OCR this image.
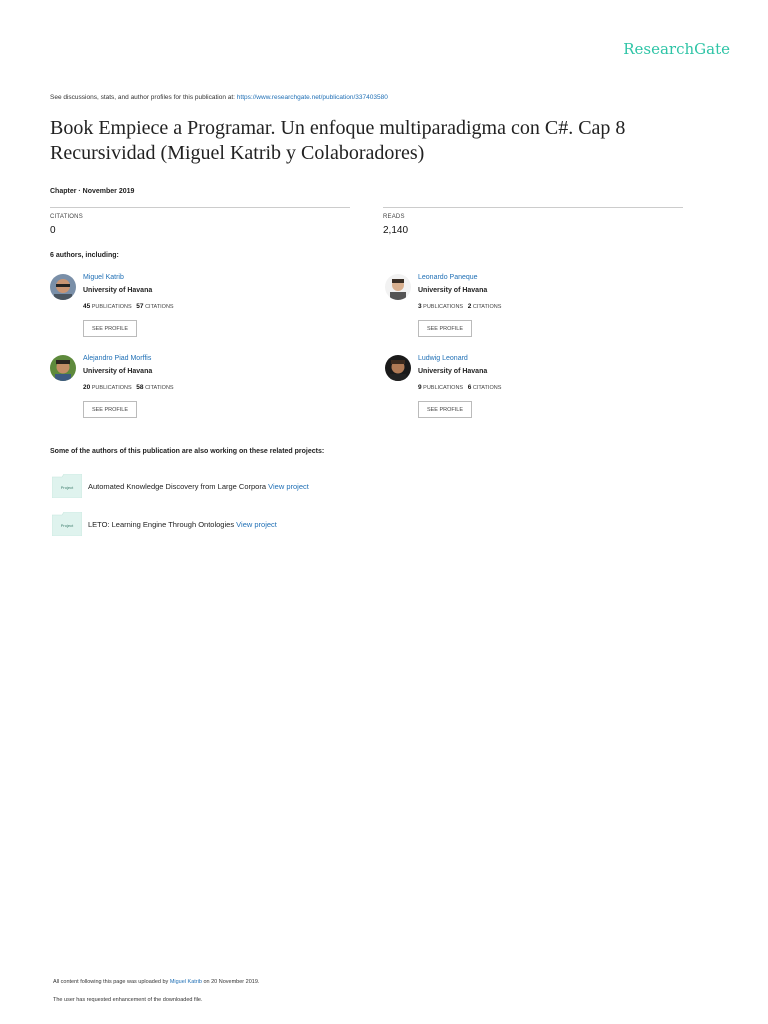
ResearchGate
See discussions, stats, and author profiles for this publication at: https://www.researchgate.net/publication/337403580
Book Empiece a Programar. Un enfoque multiparadigma con C#. Cap 8
Recursividad (Miguel Katrib y Colaboradores)
Chapter · November 2019
CITATIONS
0
READS
2,140
6 authors, including:
Miguel Katrib
University of Havana
45 PUBLICATIONS 57 CITATIONS
SEE PROFILE
Leonardo Paneque
University of Havana
3 PUBLICATIONS 2 CITATIONS
SEE PROFILE
Alejandro Piad Morffis
University of Havana
20 PUBLICATIONS 58 CITATIONS
SEE PROFILE
Ludwig Leonard
University of Havana
9 PUBLICATIONS 6 CITATIONS
SEE PROFILE
Some of the authors of this publication are also working on these related projects:
Project Automated Knowledge Discovery from Large Corpora View project
Project LETO: Learning Engine Through Ontologies View project
All content following this page was uploaded by Miguel Katrib on 20 November 2019.
The user has requested enhancement of the downloaded file.
